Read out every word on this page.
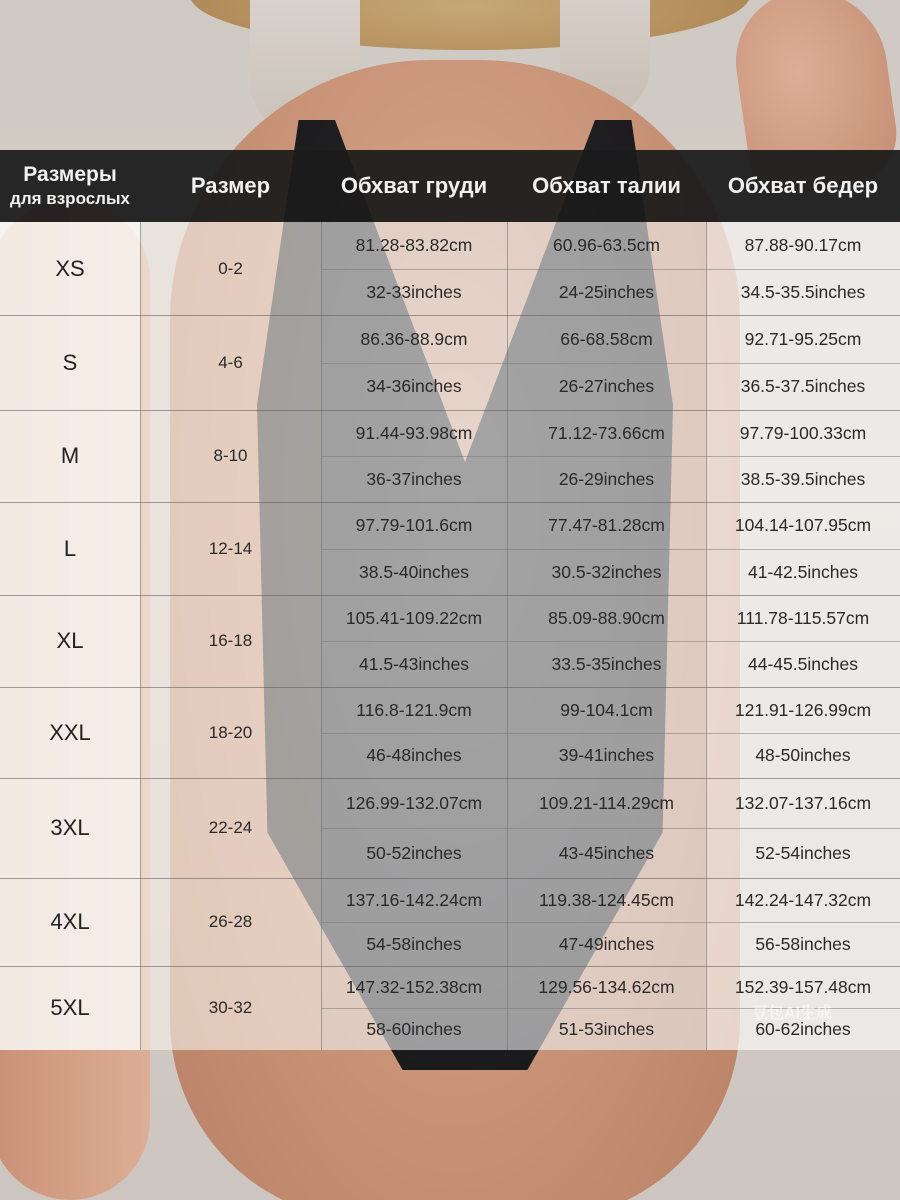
Размеры
для взрослых
Размер	Обхват груди	Обхват талии	Обхват бедер
XS	0-2
81.28-83.82cm	60.96-63.5cm	87.88-90.17cm
32-33inches	24-25inches	34.5-35.5inches
S	4-6
86.36-88.9cm	66-68.58cm	92.71-95.25cm
34-36inches	26-27inches	36.5-37.5inches
M	8-10
91.44-93.98cm	71.12-73.66cm	97.79-100.33cm
36-37inches	26-29inches	38.5-39.5inches
L	12-14
97.79-101.6cm	77.47-81.28cm	104.14-107.95cm
38.5-40inches	30.5-32inches	41-42.5inches
XL	16-18
105.41-109.22cm	85.09-88.90cm	111.78-115.57cm
41.5-43inches	33.5-35inches	44-45.5inches
XXL	18-20
116.8-121.9cm	99-104.1cm	121.91-126.99cm
46-48inches	39-41inches	48-50inches
3XL	22-24
126.99-132.07cm	109.21-114.29cm	132.07-137.16cm
50-52inches	43-45inches	52-54inches
4XL	26-28
137.16-142.24cm	119.38-124.45cm	142.24-147.32cm
54-58inches	47-49inches	56-58inches
5XL	30-32
147.32-152.38cm	129.56-134.62cm	152.39-157.48cm
58-60inches	51-53inches	60-62inches
豆包AI生成
